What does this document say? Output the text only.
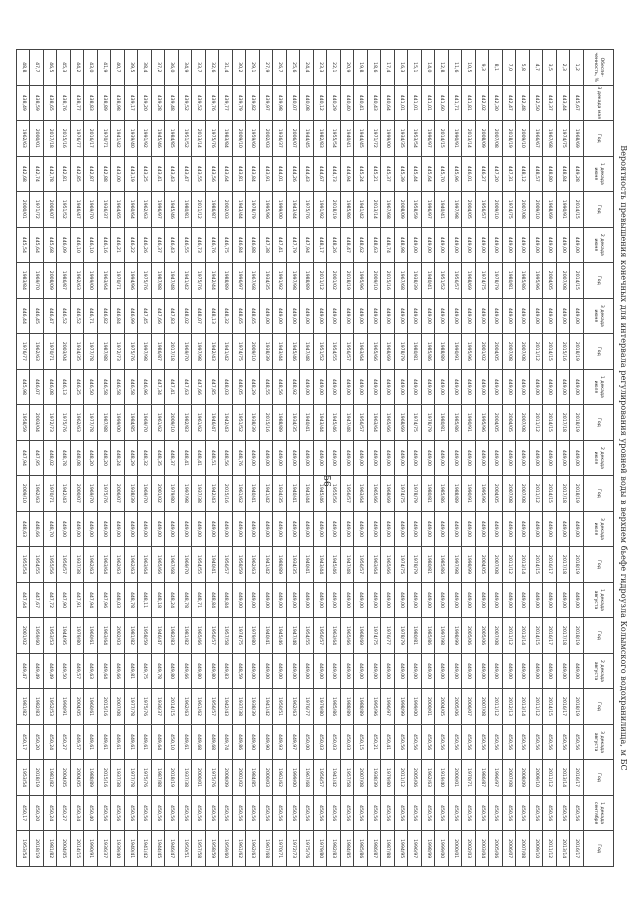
56	Вероятность превышения конечных для интервала регулирования уровней воды в верхнем бьефе гидроузла Колымского водохранилища, м БС
Обеспе-ченность, %	3 декада мая	Год	1 декада июня	Год	2 декада июня	Год	3 декада июня	Год	1 декада июля	Год	2 декада июля	Год	3 декада июля	Год	1 декада августа	Год	2 декада августа	Год	3 декада августа	Год	1 декада сентября	Год
1,2	445,67	1968/69	449,28	2014/15	449,00	2014/15	449,00	2018/19	449,00	2018/19	449,00	2018/19	449,00	2018/19	449,00	2018/19	449,00	2018/19	450,56	2016/17	450,56	2016/17
2,3	443,44	1974/75	448,84	1990/91	449,00	2007/08	449,00	2015/16	449,00	2017/18	449,00	2017/18	449,00	2017/18	449,00	2017/18	449,00	2016/17	450,56	2013/14	450,56	2013/14
3,5	443,37	1967/68	448,80	1968/69	449,00	2004/05	449,00	2014/15	449,00	2014/15	449,00	2014/15	449,00	2016/17	449,00	2016/17	449,00	2014/15	450,56	2011/12	450,56	2011/12
4,7	442,50	1966/67	448,57	2009/10	449,00	1995/96	449,00	2011/12	449,00	2011/12	449,00	2011/12	449,00	2014/15	449,00	2014/15	449,00	2011/12	450,56	2009/10	450,56	2009/10
5,8	442,48	2009/10	448,12	2007/08	449,00	1985/86	449,00	2007/08	449,00	2007/08	449,00	2007/08	449,00	2013/14	449,00	2013/14	449,00	2013/14	450,56	2008/09	450,56	2007/08
7,0	442,47	2018/19	447,31	1974/75	449,00	1980/81	449,00	2007/08	449,00	2004/05	449,00	2007/08	449,00	2011/12	449,00	2011/12	449,00	2012/13	450,56	2007/08	450,56	2006/07
8,1	442,30	2007/08	447,20	2009/10	449,00	1978/79	449,00	2004/05	449,00	2004/05	449,00	2004/05	449,00	2007/08	449,00	2007/08	449,00	2011/12	450,56	1996/97	450,56	2005/06
9,3	442,02	2008/09	446,27	1956/57	449,00	1974/75	449,00	2001/02	449,00	1995/96	449,00	1995/96	449,00	2004/05	449,00	2005/06	449,00	2007/08	450,56	1986/87	450,56	2003/04
10,5	441,81	2013/14	446,01	2004/05	449,00	1968/69	449,00	1995/96	449,00	1990/91	449,00	1990/91	449,00	1998/99	449,00	2005/06	449,00	2006/07	450,56	1970/71	450,56	2002/03
11,6	441,71	1990/91	445,96	1997/98	449,00	1956/57	449,00	1990/91	449,00	1985/86	449,00	1988/89	449,00	1997/98	449,00	1998/99	449,00	2005/06	450,56	2000/01	450,56	2000/01
12,8	441,60	2014/15	445,70	1940/41	449,00	1951/52	449,00	1988/89	449,00	1980/81	449,00	1985/86	449,00	1985/86	449,00	1997/98	449,00	2004/05	450,56	1919/40	450,56	1999/00
14,0	441,01	1996/97	445,64	1996/97	449,00	1940/41	449,00	1985/86	449,00	1978/79	449,00	1980/81	449,00	1980/81	449,00	1985/86	449,00	2000/01	450,56	1962/63	450,56	1998/99
15,1	441,01	1953/54	445,44	1958/59	449,00	1938/39	449,00	1980/81	449,00	1974/75	449,00	1978/79	449,00	1978/79	449,00	1980/81	449,00	1999/00	450,56	2005/06	450,56	1996/97
16,3	441,01	1934/35	445,39	2008/09	448,98	1967/68	449,00	1978/79	449,00	1968/69	449,00	1974/75	449,00	1974/75	449,00	1978/79	449,00	1998/99	450,56	2011/12	450,56	1994/95
17,4	440,64	1999/00	445,37	1967/68	448,74	2015/16	449,00	1968/69	449,00	1965/66	449,00	1968/69	449,00	1965/66	449,00	1976/77	449,00	1996/97	450,41	1979/80	450,56	1987/88
18,6	440,43	1971/72	445,21	2013/14	448,63	2009/10	449,00	1965/66	449,00	1963/64	449,00	1965/66	449,00	1963/64	449,00	1974/75	449,00	1995/96	450,21	1938/39	450,56	1986/87
19,8	440,41	1944/45	445,24	1941/42	448,62	1995/96	449,00	1963/64	449,00	1956/57	449,00	1963/64	449,00	1956/57	449,00	1968/69	449,00	1988/89	450,15	2007/08	450,56	1985/86
20,9	440,40	1940/41	444,94	1985/86	448,47	2018/19	449,00	1956/57	449,00	1947/48	449,00	1956/57	449,00	1947/48	449,00	1965/66	449,00	1988/89	450,03	1957/58	450,56	1984/85
22,1	440,29	1955/54	444,73	2018/19	448,26	2001/02	449,00	1954/55	449,00	1945/46	449,00	1955/56	449,00	1945/46	449,00	1963/64	449,00	1985/86	450,03	1941/42	450,56	1982/83
23,3	440,12	1982/83	444,67	1991/92	448,17	2011/12	449,00	1951/52	449,00	1943/44	449,00	1945/46	449,00	1943/44	449,00	1956/57	449,00	1979/80	450,03	1956/57	450,56	1979/80
24,4	440,08	1944/45	444,43	1975/76	447,94	1988/89	449,00	1947/48	449,00	1940/41	449,00	1943/44	449,00	1940/41	449,00	1954/55	449,00	1976/77	450,00	1967/68	450,56	1975/76
25,6	440,07	2006/07	444,26	1943/44	447,79	1997/98	449,00	1945/46	448,92	1934/35	449,00	1940/41	449,00	1934/35	449,00	1947/48	449,00	1962/63	449,97	1999/00	450,56	1972/73
26,7	439,98	1936/37	444,01	1999/00	447,41	1991/92	449,00	1943/44	448,56	1988/89	449,00	1934/35	449,00	1988/89	449,00	1945/46	449,00	1950/51	449,93	1961/62	450,56	1970/71
27,9	439,97	2002/03	443,91	1995/96	447,38	1934/35	449,00	1938/39	448,55	2015/16	449,00	1941/42	449,00	1941/42	449,00	1940/41	449,00	1941/42	449,90	2000/03	450,56	1967/68
29,1	439,82	1959/60	443,84	1978/79	446,88	1967/68	448,65	2009/10	448,29	1938/39	449,00	1940/41	449,00	1962/63	449,00	1979/80	449,00	1938/39	449,90	1984/85	450,56	1962/63
30,2	439,79	2009/10	443,81	1943/44	446,84	1996/97	448,65	1974/75	448,05	1951/52	448,76	1961/62	449,00	1958/59	449,00	1974/75	448,59	1937/38	449,86	2001/02	450,56	1961/62
31,4	439,77	1983/84	443,64	2002/03	446,75	1988/89	448,32	1941/42	448,03	1942/43	448,56	2015/16	449,00	1956/57	448,84	1957/58	449,83	1942/43	449,74	2008/09	450,56	1959/60
32,6	439,76	1975/76	443,56	1986/87	446,76	1942/44	448,13	1942/43	447,85	1946/47	448,51	1942/43	449,00	1940/41	448,84	1956/57	449,80	1956/57	449,68	1975/76	450,56	1958/59
33,7	439,52	2013/14	443,55	2011/12	446,73	1975/76	448,07	1997/98	447,66	1961/62	448,41	1937/38	449,00	1954/55	448,71	1965/66	449,80	1961/62	449,68	2000/01	450,56	1957/58
34,9	439,52	1951/52	443,47	1980/81	446,55	1941/42	448,02	1969/70	447,63	1982/83	448,41	1997/98	449,00	1969/70	448,78	1981/82	449,66	1962/63	449,61	1937/38	450,56	1950/51
36,0	439,48	1984/85	443,43	1945/46	446,43	1947/48	447,83	2017/18	447,41	2009/10	448,37	1979/80	449,00	1967/68	448,24	1982/83	449,80	2014/15	450,10	2018/19	450,56	1946/47
37,2	439,28	1945/46	443,41	1996/97	446,37	1987/88	447,66	1986/87	447,34	1961/62	448,35	2001/02	449,00	1965/66	448,18	1946/47	449,78	1936/37	449,64	1987/88	450,56	1944/45
38,4	439,20	1991/92	443,25	1962/63	446,26	1975/76	447,45	1997/98	446,96	1969/70	448,32	1969/70	449,00	1963/64	448,11	1958/59	449,75	1975/76	449,61	1975/76	450,56	1941/42
39,5	439,17	1939/40	443,19	1960/64	446,22	1994/96	446,99	1975/76	446,58	1984/85	448,29	1938/39	449,00	1962/63	448,78	1981/82	449,81	1977/78	449,61	1977/78	450,56	1940/41
40,7	438,98	1941/42	443,00	1964/65	446,21	1970/71	446,84	1972/73	446,58	1999/00	448,24	2006/07	449,00	1962/63	448,03	2002/03	449,66	2007/08	449,61	1937/38	450,56	1939/40
41,9	438,89	1970/71	442,88	1936/37	446,16	1963/64	446,82	1987/88	446,58	1987/88	448,20	1975/76	449,00	1963/64	447,96	1963/64	449,64	2015/16	449,61	2015/16	450,56	1936/37
43,0	438,83	2016/17	442,87	1969/70	446,10	1999/00	446,71	1977/78	446,50	1977/78	448,20	1969/70	449,00	1962/63	447,94	1960/61	449,63	1960/61	449,61	1988/89	450,40	1990/91
44,2	438,77	1976/77	442,85	1946/47	446,10	1962/63	446,52	1934/35	446,25	1962/63	448,08	2000/07	449,00	1937/38	447,91	1979/80	449,57	2004/05	449,57	2004/05	450,34	2014/15
45,3	438,76	2015/16	442,81	1951/52	446,09	1986/87	446,52	2003/04	446,13	1975/76	448,78	1942/43	449,00	1956/57	447,90	1944/95	449,50	1990/91	450,27	2004/05	450,27	2004/05
46,5	438,65	2017/18	442,78	2006/07	445,68	2008/09	446,47	1970/71	446,08	1972/73	448,02	1970/71	448,70	1955/56	447,72	1953/53	449,49	1952/53	450,24	1981/82	450,24	1981/82
47,7	438,59	2000/01	442,74	1971/72	445,64	1969/70	446,45	1962/63	446,07	2003/04	447,95	1962/63	448,66	1954/55	447,67	1959/60	449,49	1982/83	450,20	2018/19	450,20	2018/19
48,8	438,49	1962/63	442,68	2000/01	445,54	1983/84	446,44	1976/77	445,98	1958/59	447,94	2009/10	448,63	1955/54	447,64	2001/02	449,47	1981/82	450,17	1953/54	450,17	1953/54
